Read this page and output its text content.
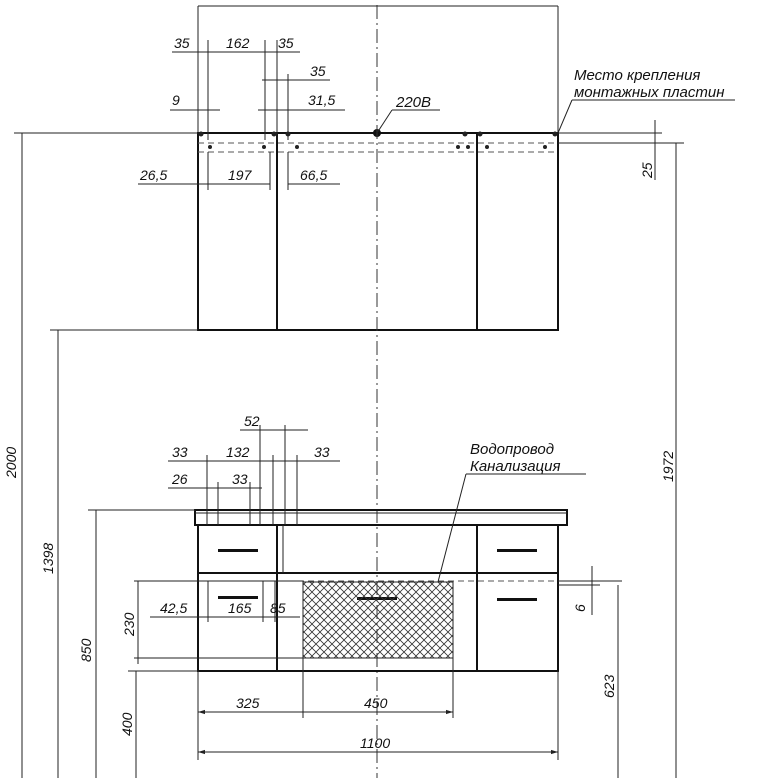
35	162 35
35
9	31,5
26,5	197	66,5	25
Место крепления
монтажных пластин
220В
Водопровод
Канализация
52
33	132	33
26	33
42,5	165 85
230
6
325	450
1100
2000
1398
850
400
1972
623
